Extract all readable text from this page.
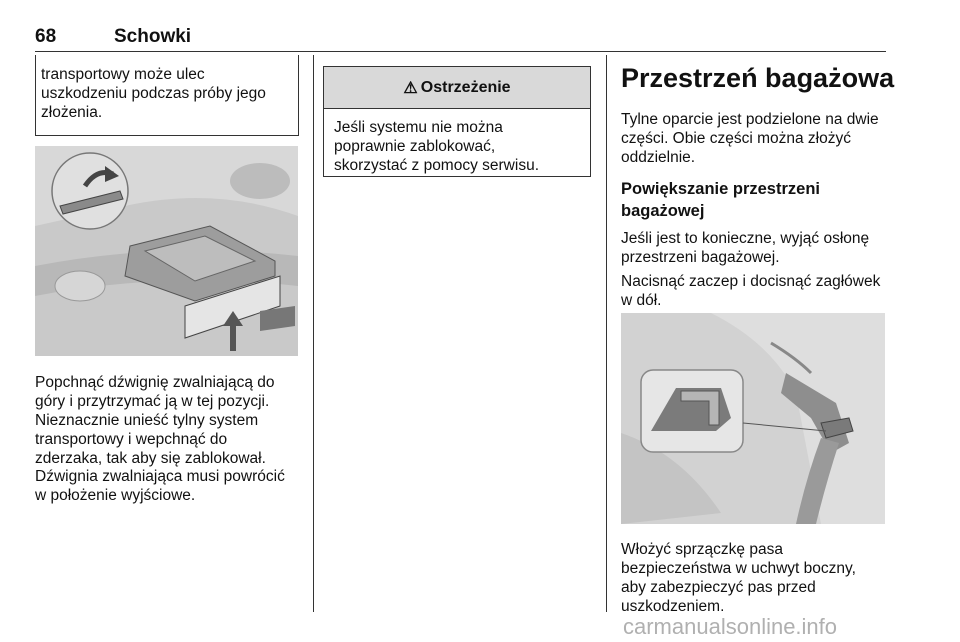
68	Schowki
transportowy może ulec
uszkodzeniu podczas próby jego
złożenia.
Popchnąć dźwignię zwalniającą do
góry i przytrzymać ją w tej pozycji.
Nieznacznie unieść tylny system
transportowy i wepchnąć do
zderzaka, tak aby się zablokował.
Dźwignia zwalniająca musi powrócić
w położenie wyjściowe.
⚠ Ostrzeżenie
Jeśli systemu nie można
poprawnie zablokować,
skorzystać z pomocy serwisu.
Przestrzeń bagażowa
Tylne oparcie jest podzielone na dwie
części. Obie części można złożyć
oddzielnie.
Powiększanie przestrzeni
bagażowej
Jeśli jest to konieczne, wyjąć osłonę
przestrzeni bagażowej.
Nacisnąć zaczep i docisnąć zagłówek
w dół.
Włożyć sprzączkę pasa
bezpieczeństwa w uchwyt boczny,
aby zabezpieczyć pas przed
uszkodzeniem.
carmanualsonline.info
